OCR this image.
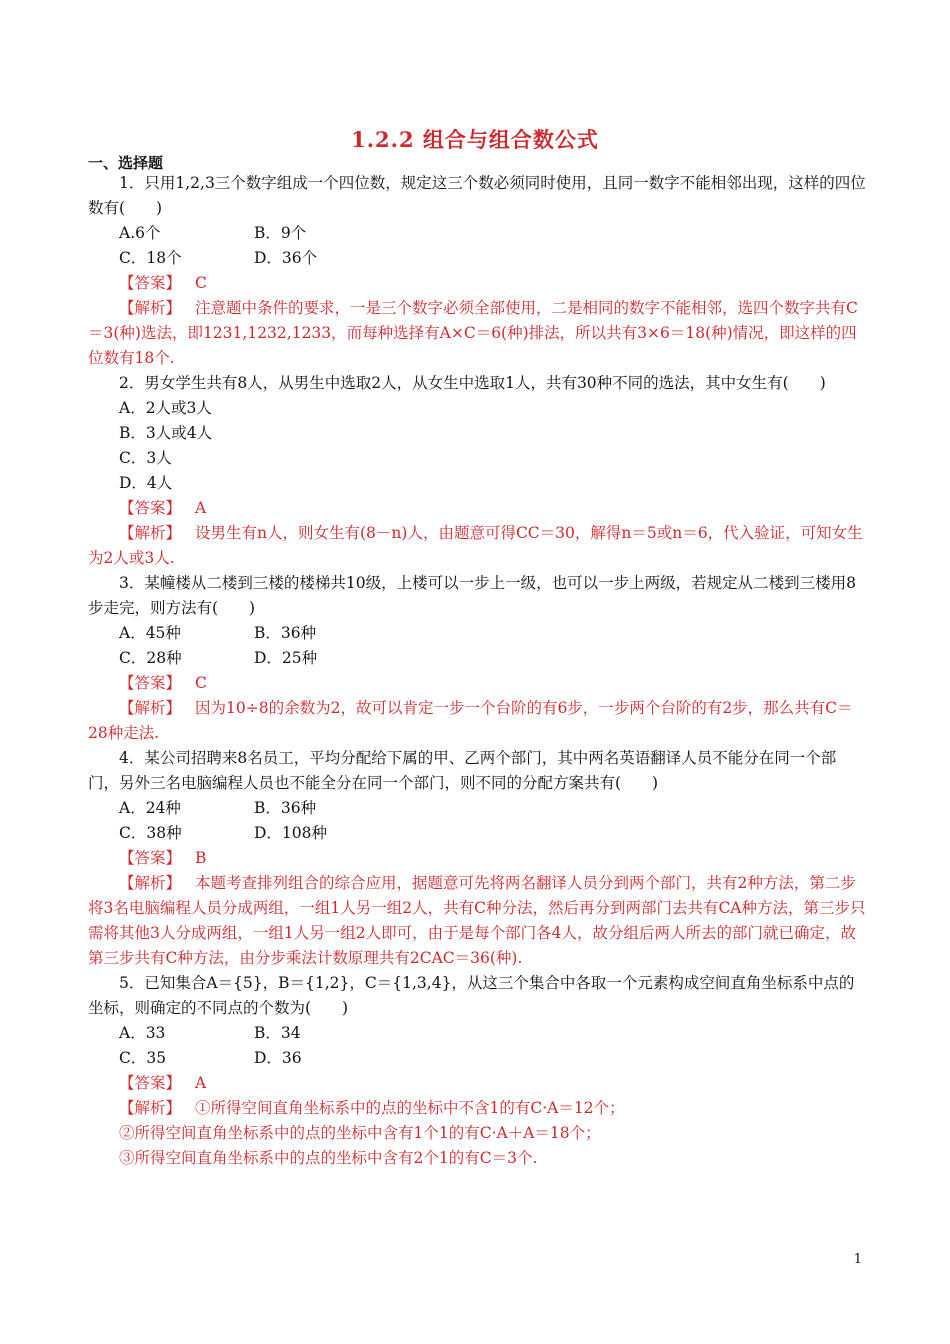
1.2.2 组合与组合数公式
一、选择题

1．只用1,2,3三个数字组成一个四位数，规定这三个数必须同时使用，且同一数字不能相邻出现，这样的四位数有(　　)

A.6个	B．9个

C．18个	D．36个

【答案】 C

【解析】 注意题中条件的要求，一是三个数字必须全部使用，二是相同的数字不能相邻，选四个数字共有C＝3(种)选法，即1231,1232,1233，而每种选择有A×C＝6(种)排法，所以共有3×6＝18(种)情况，即这样的四位数有18个.

2．男女学生共有8人，从男生中选取2人，从女生中选取1人，共有30种不同的选法，其中女生有(　　)

A．2人或3人

B．3人或4人

C．3人

D．4人

【答案】 A

【解析】 设男生有n人，则女生有(8－n)人，由题意可得CC＝30，解得n＝5或n＝6，代入验证，可知女生为2人或3人.

3．某幢楼从二楼到三楼的楼梯共10级，上楼可以一步上一级，也可以一步上两级，若规定从二楼到三楼用8步走完，则方法有(　　)

A．45种	B．36种

C．28种	D．25种

【答案】 C

【解析】 因为10÷8的余数为2，故可以肯定一步一个台阶的有6步，一步两个台阶的有2步，那么共有C＝28种走法.

4．某公司招聘来8名员工，平均分配给下属的甲、乙两个部门，其中两名英语翻译人员不能分在同一个部门，另外三名电脑编程人员也不能全分在同一个部门，则不同的分配方案共有(　　)

A．24种	B．36种

C．38种	D．108种

【答案】 B

【解析】 本题考查排列组合的综合应用，据题意可先将两名翻译人员分到两个部门，共有2种方法，第二步将3名电脑编程人员分成两组，一组1人另一组2人，共有C种分法，然后再分到两部门去共有CA种方法，第三步只需将其他3人分成两组，一组1人另一组2人即可，由于是每个部门各4人，故分组后两人所去的部门就已确定，故第三步共有C种方法，由分步乘法计数原理共有2CAC＝36(种).

5．已知集合A＝{5}，B＝{1,2}，C＝{1,3,4}，从这三个集合中各取一个元素构成空间直角坐标系中点的坐标，则确定的不同点的个数为(　　)

A．33	B．34

C．35	D．36

【答案】 A

【解析】 ①所得空间直角坐标系中的点的坐标中不含1的有C·A＝12个；

②所得空间直角坐标系中的点的坐标中含有1个1的有C·A＋A＝18个；

③所得空间直角坐标系中的点的坐标中含有2个1的有C＝3个.

1
